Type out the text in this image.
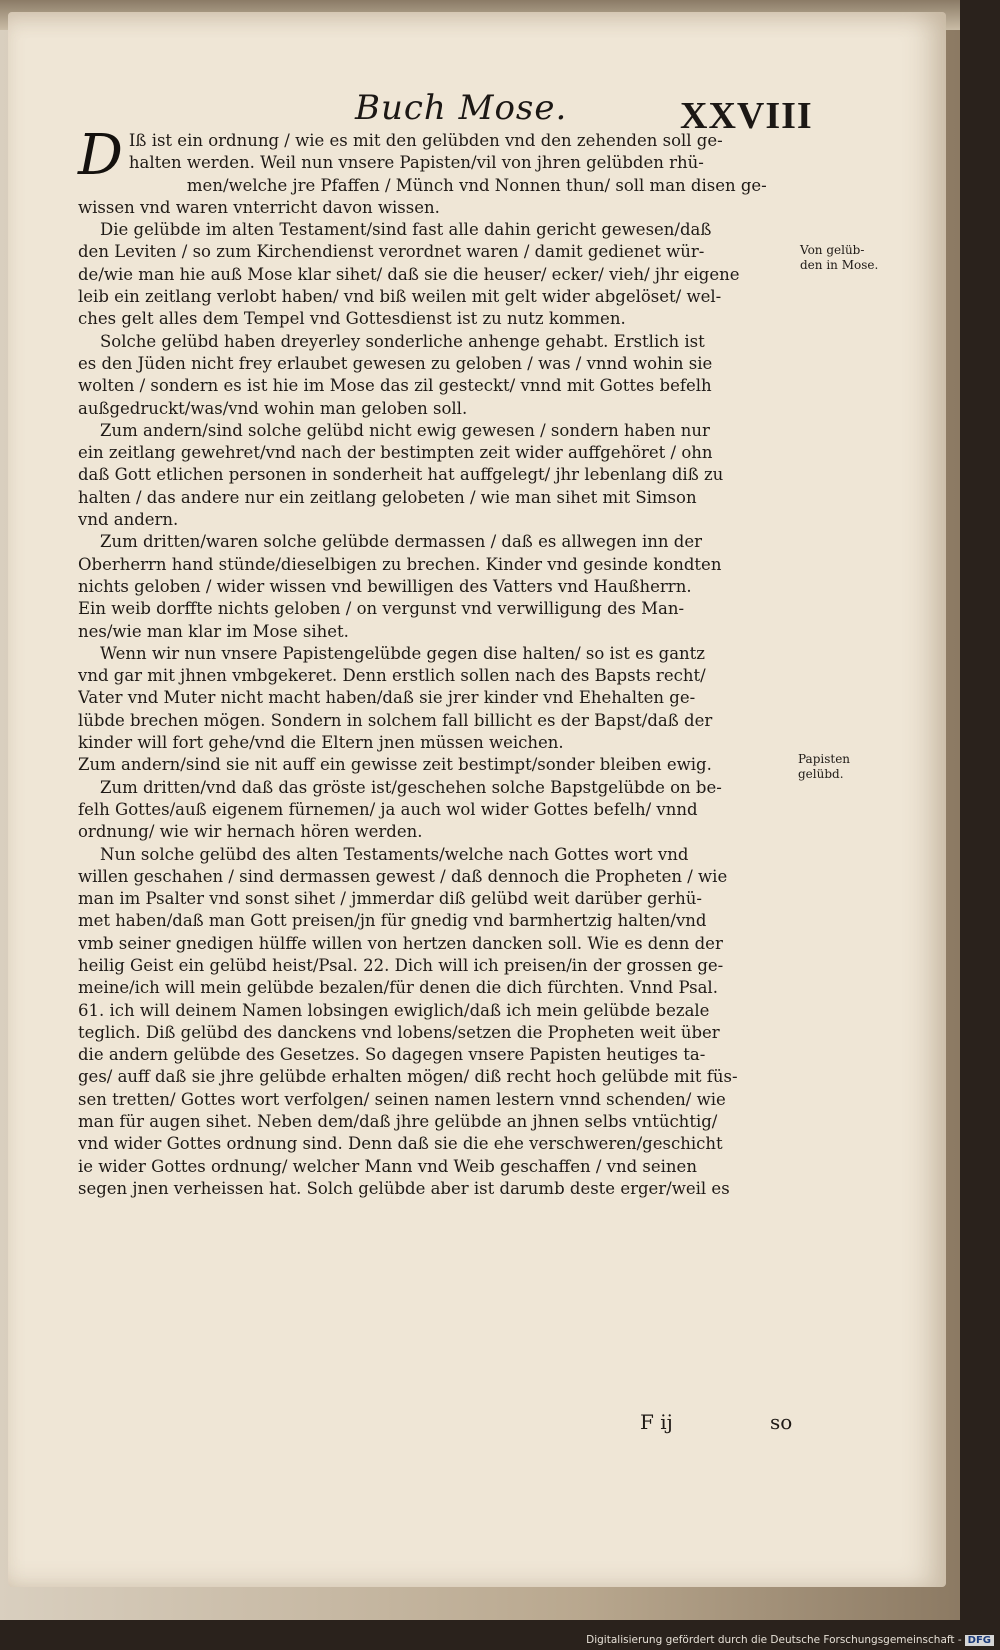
Buch Mose.	XXVIII
D Iß ist ein ordnung / wie es mit den gelübden vnd den zehenden soll ge-
halten werden. Weil nun vnsere Papisten/vil von jhren gelübden rhü-
men/welche jre Pfaffen / Münch vnd Nonnen thun/ soll man disen ge-
wissen vnd waren vnterricht davon wissen.
Die gelübde im alten Testament/sind fast alle dahin gericht gewesen/daß
den Leviten / so zum Kirchendienst verordnet waren / damit gedienet wür-
de/wie man hie auß Mose klar sihet/ daß sie die heuser/ ecker/ vieh/ jhr eigene
leib ein zeitlang verlobt haben/ vnd biß weilen mit gelt wider abgelöset/ wel-
ches gelt alles dem Tempel vnd Gottesdienst ist zu nutz kommen.
Solche gelübd haben dreyerley sonderliche anhenge gehabt. Erstlich ist
es den Jüden nicht frey erlaubet gewesen zu geloben / was / vnnd wohin sie
wolten / sondern es ist hie im Mose das zil gesteckt/ vnnd mit Gottes befelh
außgedruckt/was/vnd wohin man geloben soll.
Zum andern/sind solche gelübd nicht ewig gewesen / sondern haben nur
ein zeitlang gewehret/vnd nach der bestimpten zeit wider auffgehöret / ohn
daß Gott etlichen personen in sonderheit hat auffgelegt/ jhr lebenlang diß zu
halten / das andere nur ein zeitlang gelobeten / wie man sihet mit Simson
vnd andern.
Zum dritten/waren solche gelübde dermassen / daß es allwegen inn der
Oberherrn hand stünde/dieselbigen zu brechen. Kinder vnd gesinde kondten
nichts geloben / wider wissen vnd bewilligen des Vatters vnd Haußherrn.
Ein weib dorffte nichts geloben / on vergunst vnd verwilligung des Man-
nes/wie man klar im Mose sihet.
Wenn wir nun vnsere Papistengelübde gegen dise halten/ so ist es gantz
vnd gar mit jhnen vmbgekeret. Denn erstlich sollen nach des Bapsts recht/
Vater vnd Muter nicht macht haben/daß sie jrer kinder vnd Ehehalten ge-
lübde brechen mögen. Sondern in solchem fall billicht es der Bapst/daß der
kinder will fort gehe/vnd die Eltern jnen müssen weichen.
Zum andern/sind sie nit auff ein gewisse zeit bestimpt/sonder bleiben ewig.
Zum dritten/vnd daß das gröste ist/geschehen solche Bapstgelübde on be-
felh Gottes/auß eigenem fürnemen/ ja auch wol wider Gottes befelh/ vnnd
ordnung/ wie wir hernach hören werden.
Nun solche gelübd des alten Testaments/welche nach Gottes wort vnd
willen geschahen / sind dermassen gewest / daß dennoch die Propheten / wie
man im Psalter vnd sonst sihet / jmmerdar diß gelübd weit darüber gerhü-
met haben/daß man Gott preisen/jn für gnedig vnd barmhertzig halten/vnd
vmb seiner gnedigen hülffe willen von hertzen dancken soll. Wie es denn der
heilig Geist ein gelübd heist/Psal. 22. Dich will ich preisen/in der grossen ge-
meine/ich will mein gelübde bezalen/für denen die dich fürchten. Vnnd Psal.
61. ich will deinem Namen lobsingen ewiglich/daß ich mein gelübde bezale
teglich. Diß gelübd des danckens vnd lobens/setzen die Propheten weit über
die andern gelübde des Gesetzes. So dagegen vnsere Papisten heutiges ta-
ges/ auff daß sie jhre gelübde erhalten mögen/ diß recht hoch gelübde mit füs-
sen tretten/ Gottes wort verfolgen/ seinen namen lestern vnnd schenden/ wie
man für augen sihet. Neben dem/daß jhre gelübde an jhnen selbs vntüchtig/
vnd wider Gottes ordnung sind. Denn daß sie die ehe verschweren/geschicht
ie wider Gottes ordnung/ welcher Mann vnd Weib geschaffen / vnd seinen
segen jnen verheissen hat. Solch gelübde aber ist darumb deste erger/weil es
Von gelüb-
den in Mose.
Papisten
gelübd.
F ij	so
Digitalisierung gefördert durch die Deutsche Forschungsgemeinschaft - DFG
